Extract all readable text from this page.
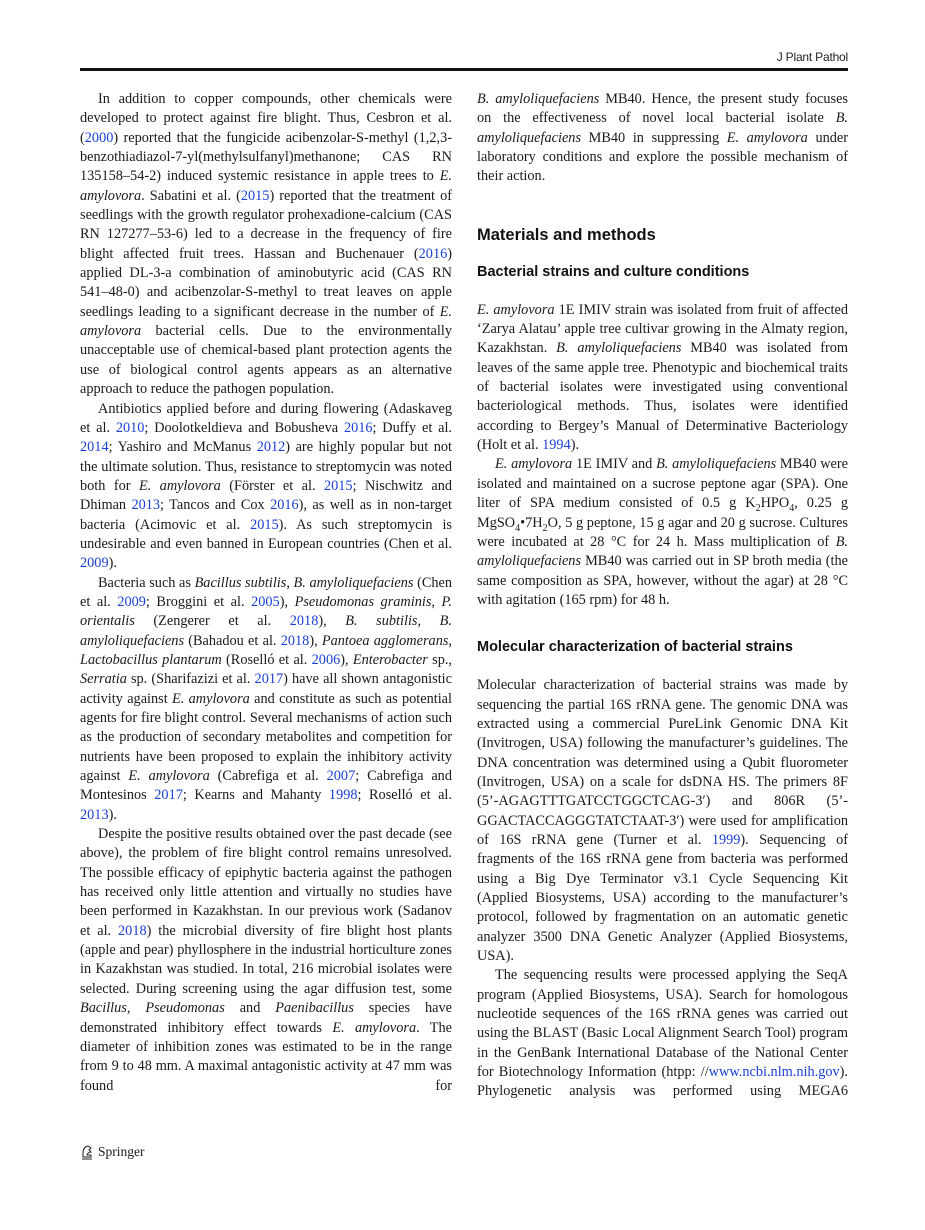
J Plant Pathol

In addition to copper compounds, other chemicals were developed to protect against fire blight. Thus, Cesbron et al. (2000) reported that the fungicide acibenzolar-S-methyl (1,2,3-benzothiadiazol-7-yl(methylsulfanyl)methanone; CAS RN 135158–54-2) induced systemic resistance in apple trees to E. amylovora. Sabatini et al. (2015) reported that the treatment of seedlings with the growth regulator prohexadione-calcium (CAS RN 127277–53-6) led to a decrease in the frequency of fire blight affected fruit trees. Hassan and Buchenauer (2016) applied DL-3-a combination of aminobutyric acid (CAS RN 541–48-0) and acibenzolar-S-methyl to treat leaves on apple seedlings leading to a significant decrease in the number of E. amylovora bacterial cells. Due to the environmentally unacceptable use of chemical-based plant protection agents the use of biological control agents appears as an alternative approach to reduce the pathogen population.

Antibiotics applied before and during flowering (Adaskaveg et al. 2010; Doolotkeldieva and Bobusheva 2016; Duffy et al. 2014; Yashiro and McManus 2012) are highly popular but not the ultimate solution. Thus, resistance to streptomycin was noted both for E. amylovora (Förster et al. 2015; Nischwitz and Dhiman 2013; Tancos and Cox 2016), as well as in non-target bacteria (Acimovic et al. 2015). As such streptomycin is undesirable and even banned in European countries (Chen et al. 2009).

Bacteria such as Bacillus subtilis, B. amyloliquefaciens (Chen et al. 2009; Broggini et al. 2005), Pseudomonas graminis, P. orientalis (Zengerer et al. 2018), B. subtilis, B. amyloliquefaciens (Bahadou et al. 2018), Pantoea agglomerans, Lactobacillus plantarum (Roselló et al. 2006), Enterobacter sp., Serratia sp. (Sharifazizi et al. 2017) have all shown antagonistic activity against E. amylovora and constitute as such as potential agents for fire blight control. Several mechanisms of action such as the production of secondary metabolites and competition for nutrients have been proposed to explain the inhibitory activity against E. amylovora (Cabrefiga et al. 2007; Cabrefiga and Montesinos 2017; Kearns and Mahanty 1998; Roselló et al. 2013).

Despite the positive results obtained over the past decade (see above), the problem of fire blight control remains unresolved. The possible efficacy of epiphytic bacteria against the pathogen has received only little attention and virtually no studies have been performed in Kazakhstan. In our previous work (Sadanov et al. 2018) the microbial diversity of fire blight host plants (apple and pear) phyllosphere in the industrial horticulture zones in Kazakhstan was studied. In total, 216 microbial isolates were selected. During screening using the agar diffusion test, some Bacillus, Pseudomonas and Paenibacillus species have demonstrated inhibitory effect towards E. amylovora. The diameter of inhibition zones was estimated to be in the range from 9 to 48 mm. A maximal antagonistic activity at 47 mm was found for

B. amyloliquefaciens MB40. Hence, the present study focuses on the effectiveness of novel local bacterial isolate B. amyloliquefaciens MB40 in suppressing E. amylovora under laboratory conditions and explore the possible mechanism of their action.

Materials and methods
Bacterial strains and culture conditions

E. amylovora 1E IMIV strain was isolated from fruit of affected ‘Zarya Alatau’ apple tree cultivar growing in the Almaty region, Kazakhstan. B. amyloliquefaciens MB40 was isolated from leaves of the same apple tree. Phenotypic and biochemical traits of bacterial isolates were investigated using conventional bacteriological methods. Thus, isolates were identified according to Bergey’s Manual of Determinative Bacteriology (Holt et al. 1994).

E. amylovora 1E IMIV and B. amyloliquefaciens MB40 were isolated and maintained on a sucrose peptone agar (SPA). One liter of SPA medium consisted of 0.5 g $K_2HPO_4$, 0.25 g $MgSO_4•7H_2O$, 5 g peptone, 15 g agar and 20 g sucrose. Cultures were incubated at 28 °C for 24 h. Mass multiplication of B. amyloliquefaciens MB40 was carried out in SP broth media (the same composition as SPA, however, without the agar) at 28 °C with agitation (165 rpm) for 48 h.

Molecular characterization of bacterial strains

Molecular characterization of bacterial strains was made by sequencing the partial 16S rRNA gene. The genomic DNA was extracted using a commercial PureLink Genomic DNA Kit (Invitrogen, USA) following the manufacturer’s guidelines. The DNA concentration was determined using a Qubit fluorometer (Invitrogen, USA) on a scale for dsDNA HS. The primers 8F (5’-AGAGTTTGATCCTGGCTCAG-3′) and 806R (5’-GGACTACCAGGGTATCTAAT-3′) were used for amplification of 16S rRNA gene (Turner et al. 1999). Sequencing of fragments of the 16S rRNA gene from bacteria was performed using a Big Dye Terminator v3.1 Cycle Sequencing Kit (Applied Biosystems, USA) according to the manufacturer’s protocol, followed by fragmentation on an automatic genetic analyzer 3500 DNA Genetic Analyzer (Applied Biosystems, USA).

The sequencing results were processed applying the SeqA program (Applied Biosystems, USA). Search for homologous nucleotide sequences of the 16S rRNA genes was carried out using the BLAST (Basic Local Alignment Search Tool) program in the GenBank International Database of the National Center for Biotechnology Information (htpp: //www.ncbi.nlm.nih.gov). Phylogenetic analysis was performed using MEGA6

Springer
